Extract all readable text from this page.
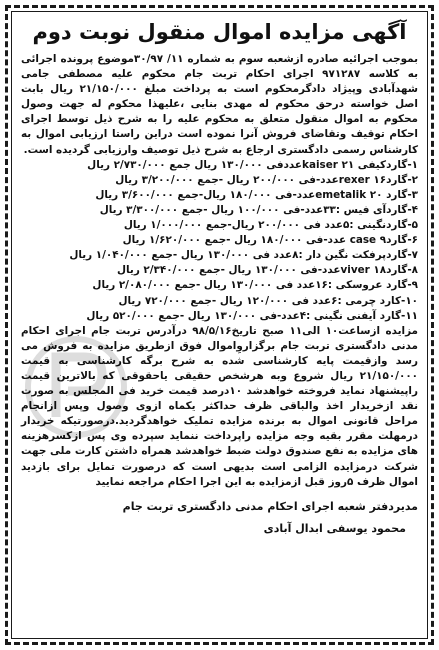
آگهی مزایده اموال منقول نوبت دوم

بموجب اجرائیه صادره ازشعبه سوم به شماره ۱۱/ ۳۰/۹۷موضوع پرونده اجرائی به کلاسه ۹۷۱۲۸۷ اجرای احکام تربت جام محکوم علیه مصطفی جامی شهدآبادی وپیژاد دادگرمحکوم است به پرداخت مبلغ ۲۱/۱۵۰/۰۰۰ ریال بابت اصل خواسته درحق محکوم له مهدی بنایی ،علیهذا محکوم له جهت وصول محکوم به اموال منقول متعلق به محکوم علیه را به شرح ذیل توسط اجرای احکام توقیف وتقاضای فروش آنرا نموده است دراین راستا ارزیابی اموال به کارشناس رسمی دادگستری ارجاع به شرح ذیل توصیف وارزیابی گردیده است.

۱-گاردکیفی kaiser ۲۱عددفی ۱۳۰/۰۰۰ ریال جمع ۲/۷۳۰/۰۰۰ ریال
۲-گاردrexer ۱۶عدد-فی ۲۰۰/۰۰۰ ریال -جمع ۳/۲۰۰/۰۰۰ ریال
۳-گارد emetalik ۲۰عدد-فی ۱۸۰/۰۰۰ ریال-جمع ۳/۶۰۰/۰۰۰ ریال
۴-گاردآی فیس :۳۳عدد-فی ۱۰۰/۰۰۰ ریال -جمع ۳/۳۰۰/۰۰۰ ریال
۵-گاردنگینی :۵عدد فی ۲۰۰/۰۰۰ ریال-جمع ۱/۰۰۰/۰۰۰ ریال
۶-گارد۹ case عدد-فی ۱۸۰/۰۰۰ ریال -جمع ۱/۶۲۰/۰۰۰ ریال
۷-گاردپرفکت نگین دار :۸عدد فی ۱۳۰/۰۰۰ ریال -جمع ۱/۰۴۰/۰۰۰ ریال
۸-گاردviver ۱۸عدد-فی ۱۳۰/۰۰۰ ریال -جمع ۲/۳۴۰/۰۰۰ ریال
۹-گارد عروسکی :۱۶عدد فی ۱۳۰/۰۰۰ ریال -جمع ۲/۰۸۰/۰۰۰ ریال
۱۰-کارد چرمی :۶عدد فی ۱۲۰/۰۰۰ ریال -جمع ۷۲۰/۰۰۰ ریال
۱۱-گارد آیفنی نگینی :۴عدد-فی ۱۳۰/۰۰۰ ریال -جمع ۵۲۰/۰۰۰ ریال

مزایده ازساعت۱۰ الی۱۱ صبح تاریخ۹۸/۵/۱۶ درآدرس تربت جام اجرای احکام مدنی دادگستری تربت جام برگزاروِاموال فوق ازطریق مزایده به فروش می رسد وازقیمت پایه کارشناسی شده به شرح برگه کارشناسی به قیمت ۲۱/۱۵۰/۰۰۰ ریال شروع وبه هرشخص حقیقی یاحقوقی که بالاترین قیمت راپیشنهاد نماید فروخته خواهدشد ۱۰درصد قیمت خرید فی المجلس به صورت نقد ازخریدار اخذ والباقی ظرف حداکثر یکماه ازوی وصول وپس ازانجام مراحل قانونی اموال به برنده مزایده تملیک خواهدگردید.درصورتیکه خریدار درمهلت مقرر بقیه وجه مزایده راپرداخت ننماید سپرده وی پس ازکسرهزینه های مزایده به نفع صندوق دولت ضبط خواهدشد همراه داشتن کارت ملی جهت شرکت درمزایده الزامی است بدیهی است که درصورت تمایل برای بازدید اموال ظرف ۵روز قبل ازمزایده به این اجرا احکام مراجعه نمایید

مدیردفتر شعبه اجرای احکام مدنی دادگستری تربت جام
محمود یوسفی ابدال آبادی
